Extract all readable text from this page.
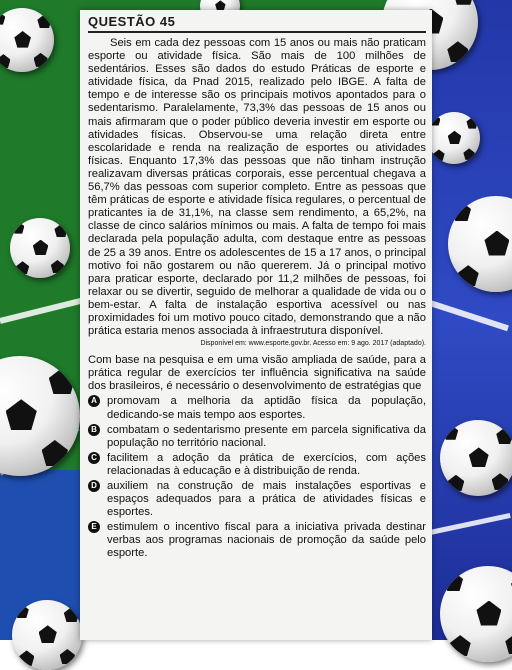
QUESTÃO 45

Seis em cada dez pessoas com 15 anos ou mais não praticam esporte ou atividade física. São mais de 100 milhões de sedentários. Esses são dados do estudo Práticas de esporte e atividade física, da Pnad 2015, realizado pelo IBGE. A falta de tempo e de interesse são os principais motivos apontados para o sedentarismo. Paralelamente, 73,3% das pessoas de 15 anos ou mais afirmaram que o poder público deveria investir em esporte ou atividades físicas. Observou-se uma relação direta entre escolaridade e renda na realização de esportes ou atividades físicas. Enquanto 17,3% das pessoas que não tinham instrução realizavam diversas práticas corporais, esse percentual chegava a 56,7% das pessoas com superior completo. Entre as pessoas que têm práticas de esporte e atividade física regulares, o percentual de praticantes ia de 31,1%, na classe sem rendimento, a 65,2%, na classe de cinco salários mínimos ou mais. A falta de tempo foi mais declarada pela população adulta, com destaque entre as pessoas de 25 a 39 anos. Entre os adolescentes de 15 a 17 anos, o principal motivo foi não gostarem ou não quererem. Já o principal motivo para praticar esporte, declarado por 11,2 milhões de pessoas, foi relaxar ou se divertir, seguido de melhorar a qualidade de vida ou o bem-estar. A falta de instalação esportiva acessível ou nas proximidades foi um motivo pouco citado, demonstrando que a não prática estaria menos associada à infraestrutura disponível.

Disponível em: www.esporte.gov.br. Acesso em: 9 ago. 2017 (adaptado).

Com base na pesquisa e em uma visão ampliada de saúde, para a prática regular de exercícios ter influência significativa na saúde dos brasileiros, é necessário o desenvolvimento de estratégias que

A promovam a melhoria da aptidão física da população, dedicando-se mais tempo aos esportes.
B combatam o sedentarismo presente em parcela significativa da população no território nacional.
C facilitem a adoção da prática de exercícios, com ações relacionadas à educação e à distribuição de renda.
D auxiliem na construção de mais instalações esportivas e espaços adequados para a prática de atividades físicas e esportes.
E estimulem o incentivo fiscal para a iniciativa privada destinar verbas aos programas nacionais de promoção da saúde pelo esporte.
